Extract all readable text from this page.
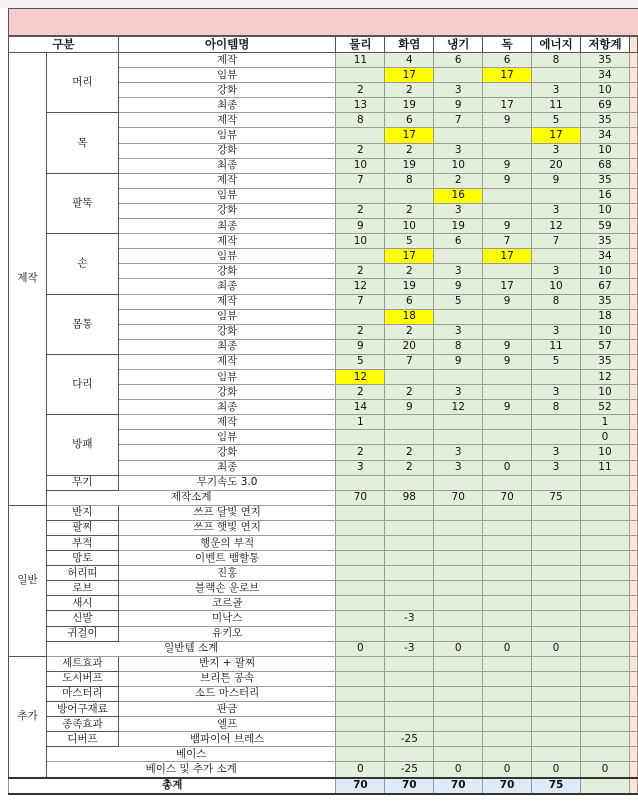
구분		아이템명	물리	화염	냉기	독	에너지	저항계	
제작	머리	제작	11	4	6	6	8	35	
		임뷰		17		17		34	
		강화	2	2	3		3	10	
		최종	13	19	9	17	11	69	
	목	제작	8	6	7	9	5	35	
		임뷰		17			17	34	
		강화	2	2	3		3	10	
		최종	10	19	10	9	20	68	
	팔뚝	제작	7	8	2	9	9	35	
		임뷰			16			16	
		강화	2	2	3		3	10	
		최종	9	10	19	9	12	59	
	손	제작	10	5	6	7	7	35	
		임뷰		17		17		34	
		강화	2	2	3		3	10	
		최종	12	19	9	17	10	67	
	몸통	제작	7	6	5	9	8	35	
		임뷰		18				18	
		강화	2	2	3		3	10	
		최종	9	20	8	9	11	57	
	다리	제작	5	7	9	9	5	35	
		임뷰	12					12	
		강화	2	2	3		3	10	
		최종	14	9	12	9	8	52	
	방패	제작	1					1	
		임뷰						0	
		강화	2	2	3		3	10	
		최종	3	2	3	0	3	11	
	무기	무기속도 3.0							
	제작소계		70	98	70	70	75		
일반	반지	쓰프 달빛 연지							
	팔찌	쓰프 햇빛 연지							
	부적	행운의 부적							
	망토	이벤트 뱀할통							
	허리띠	진홍							
	로브	블랙손 운로브							
	새시	코르골							
	신발	미낙스		-3					
	귀걸이	유키오							
	일반템 소계		0	-3	0	0	0		
추가	세트효과	반지 + 팔찌							
	도시버프	브리튼 공속							
	마스터리	소드 마스터리							
	방어구재료	판금							
	종족효과	엘프							
	디버프	뱀파이어 브레스		-25					
	베이스								
	베이스 및 추가 소계		0	-25	0	0	0	0	
총계			70	70	70	70	75		
